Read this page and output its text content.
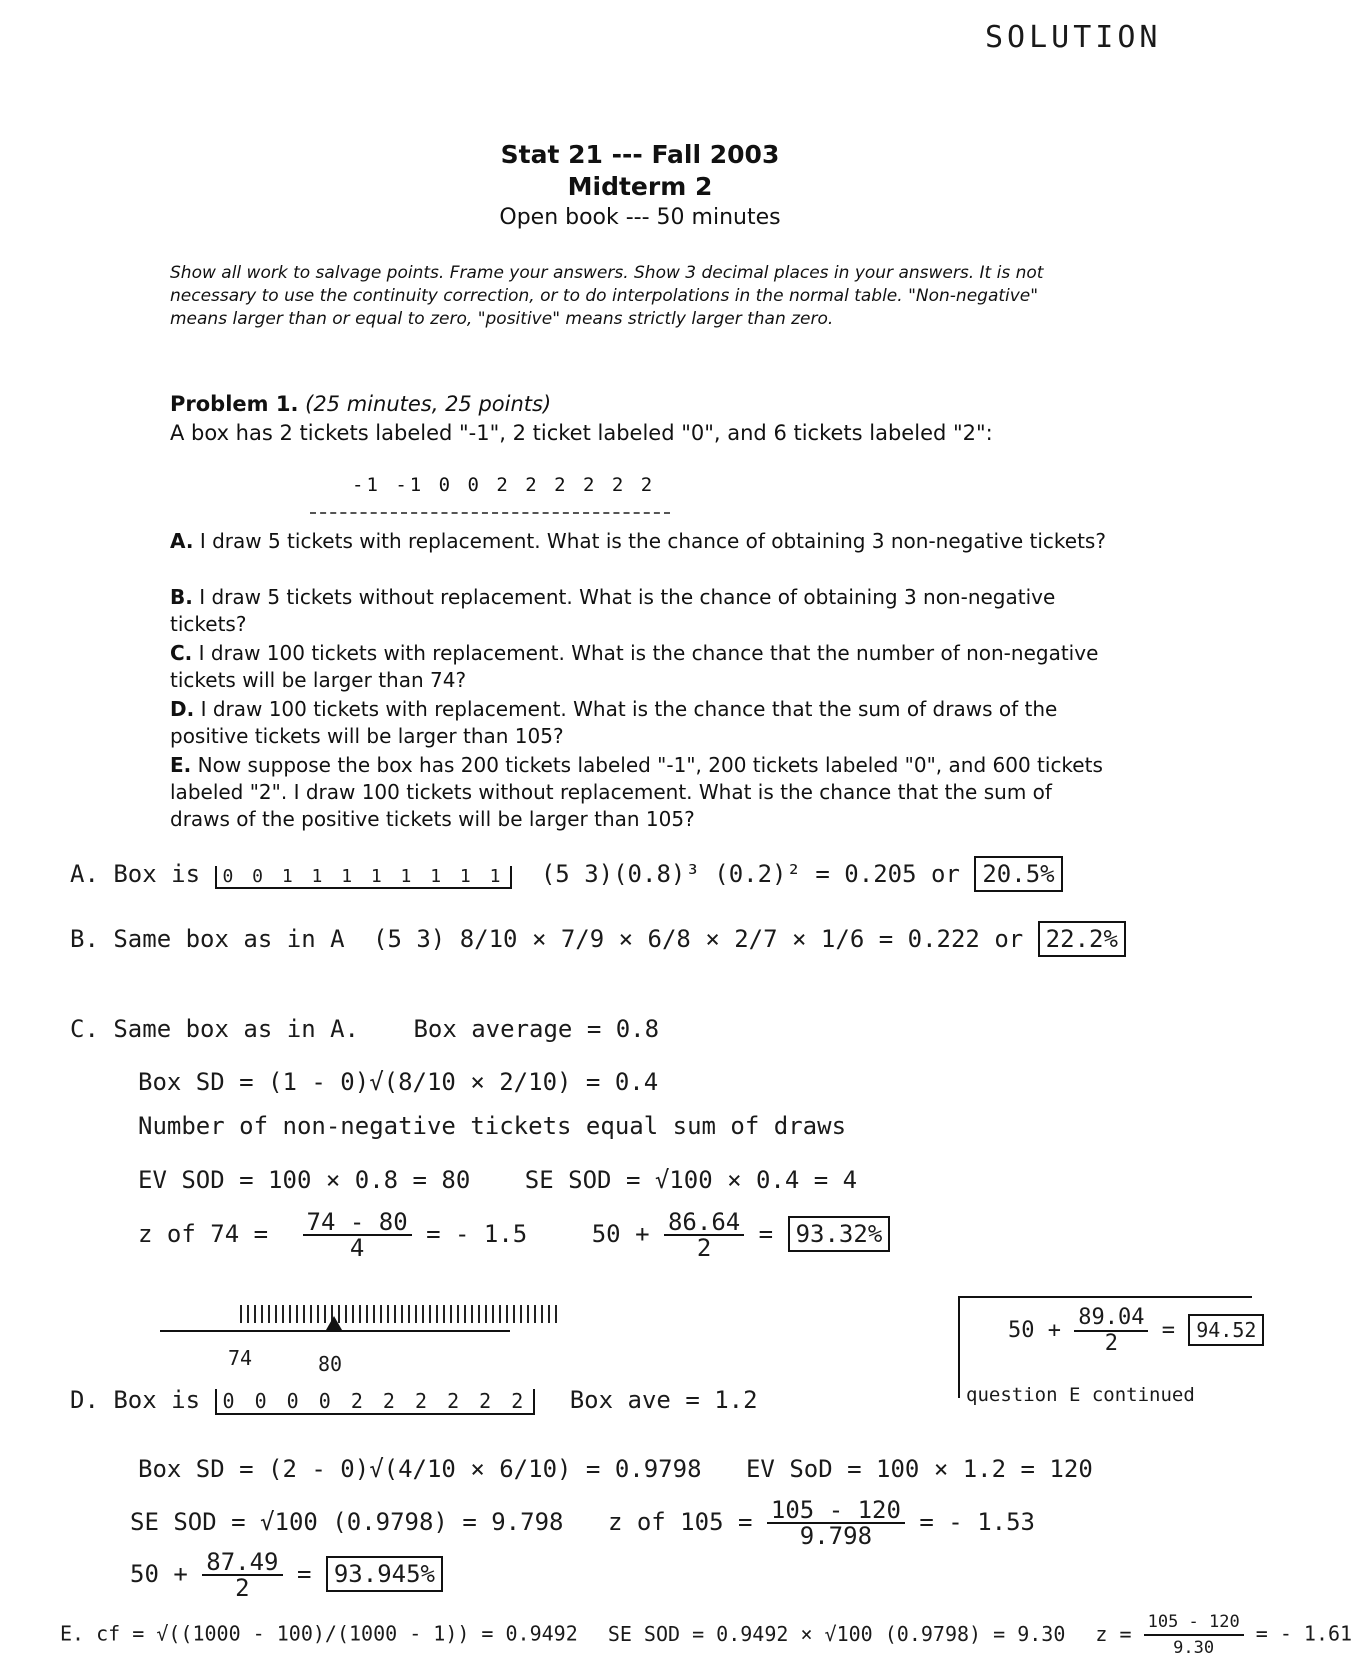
SOLUTION
Stat 21 --- Fall 2003
Midterm 2
Open book --- 50 minutes
Show all work to salvage points. Frame your answers. Show 3 decimal places in your answers. It is not necessary to use the continuity correction, or to do interpolations in the normal table. "Non-negative" means larger than or equal to zero, "positive" means strictly larger than zero.
Problem 1. (25 minutes, 25 points)
A box has 2 tickets labeled "-1", 2 ticket labeled "0", and 6 tickets labeled "2":
-1 -1 0 0 2 2 2 2 2 2
A. I draw 5 tickets with replacement. What is the chance of obtaining 3 non-negative tickets?
B. I draw 5 tickets without replacement. What is the chance of obtaining 3 non-negative tickets?
C. I draw 100 tickets with replacement. What is the chance that the number of non-negative tickets will be larger than 74?
D. I draw 100 tickets with replacement. What is the chance that the sum of draws of the positive tickets will be larger than 105?
E. Now suppose the box has 200 tickets labeled "-1", 200 tickets labeled "0", and 600 tickets labeled "2". I draw 100 tickets without replacement. What is the chance that the sum of draws of the positive tickets will be larger than 105?
A. Box is 0 0 1 1 1 1 1 1 1 1 (5 3)(0.8)³ (0.2)² = 0.205 or 20.5%
B. Same box as in A (5 3) 8/10 × 7/9 × 6/8 × 2/7 × 1/6 = 0.222 or 22.2%
C. Same box as in A. Box average = 0.8
Box SD = (1 - 0)√(8/10 × 2/10) = 0.4
Number of non-negative tickets equal sum of draws
EV SOD = 100 × 0.8 = 80 SE SOD = √100 × 0.4 = 4
z of $74 = \frac{74 - 80}{4}$ = - 1.5	$50 + \frac{86.64}{2} = 93.32\%$
74	80
$50 + \frac{89.04}{2} = 94.52$
question E continued
D. Box is 0 0 0 0 2 2 2 2 2 2 Box ave = 1.2
Box SD = (2 - 0)√(4/10 × 6/10) = 0.9798 EV SoD = 100 × 1.2 = 120
SE SOD = √100 (0.9798) = 9.798 z of $105 = \frac{105 - 120}{9.798}$ = - 1.53
$50 + \frac{87.49}{2} = 93.945\%$
E. cf = √((1000 - 100)/(1000 - 1)) = 0.9492 SE SOD = 0.9492 × √100 (0.9798) = 9.30 $z = \frac{105 - 120}{9.30}$ = - 1.61
